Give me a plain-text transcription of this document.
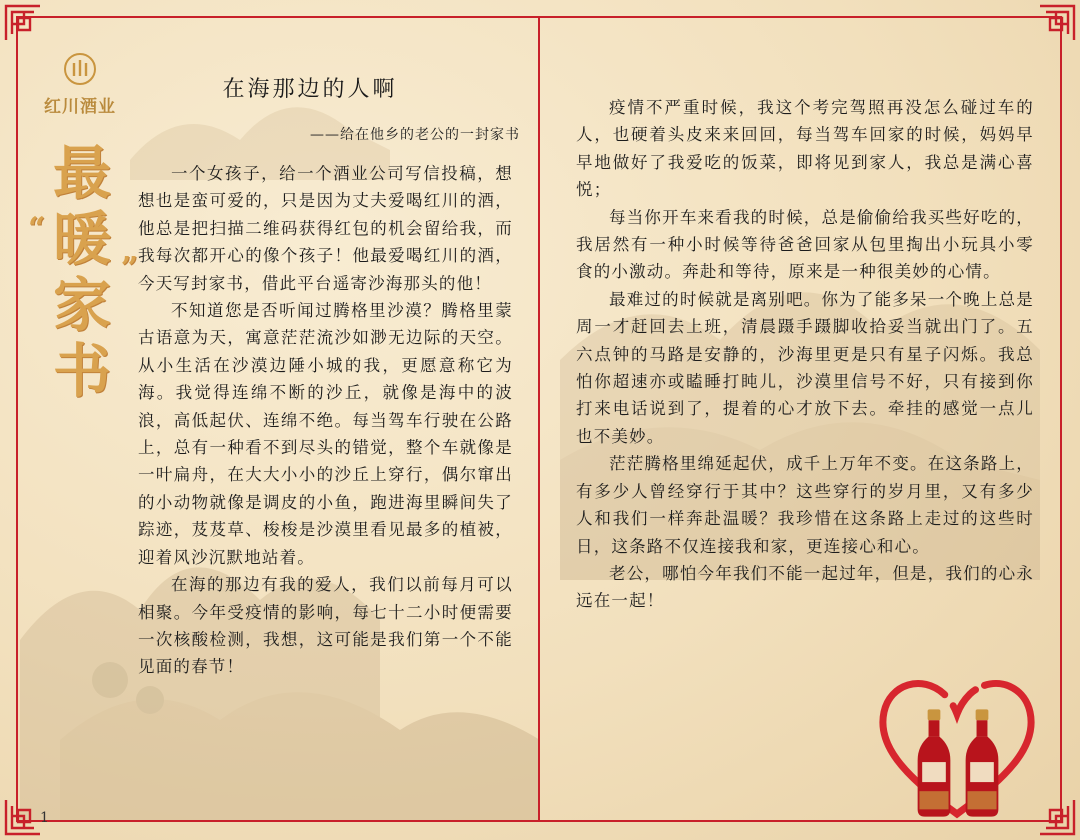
红川酒业
最
“ 暖 ”
家
书
在海那边的人啊
——给在他乡的老公的一封家书

一个女孩子，给一个酒业公司写信投稿，想想也是蛮可爱的，只是因为丈夫爱喝红川的酒，他总是把扫描二维码获得红包的机会留给我，而我每次都开心的像个孩子！他最爱喝红川的酒，今天写封家书，借此平台遥寄沙海那头的他！

不知道您是否听闻过腾格里沙漠？腾格里蒙古语意为天，寓意茫茫流沙如渺无边际的天空。从小生活在沙漠边陲小城的我，更愿意称它为海。我觉得连绵不断的沙丘，就像是海中的波浪，高低起伏、连绵不绝。每当驾车行驶在公路上，总有一种看不到尽头的错觉，整个车就像是一叶扁舟，在大大小小的沙丘上穿行，偶尔窜出的小动物就像是调皮的小鱼，跑进海里瞬间失了踪迹，芨芨草、梭梭是沙漠里看见最多的植被，迎着风沙沉默地站着。

在海的那边有我的爱人，我们以前每月可以相聚。今年受疫情的影响，每七十二小时便需要一次核酸检测，我想，这可能是我们第一个不能见面的春节！

疫情不严重时候，我这个考完驾照再没怎么碰过车的人，也硬着头皮来来回回，每当驾车回家的时候，妈妈早早地做好了我爱吃的饭菜，即将见到家人，我总是满心喜悦；

每当你开车来看我的时候，总是偷偷给我买些好吃的，我居然有一种小时候等待爸爸回家从包里掏出小玩具小零食的小激动。奔赴和等待，原来是一种很美妙的心情。

最难过的时候就是离别吧。你为了能多呆一个晚上总是周一才赶回去上班，清晨蹑手蹑脚收拾妥当就出门了。五六点钟的马路是安静的，沙海里更是只有星子闪烁。我总怕你超速亦或瞌睡打盹儿，沙漠里信号不好，只有接到你打来电话说到了，提着的心才放下去。牵挂的感觉一点儿也不美妙。

茫茫腾格里绵延起伏，成千上万年不变。在这条路上，有多少人曾经穿行于其中？这些穿行的岁月里，又有多少人和我们一样奔赴温暖？我珍惜在这条路上走过的这些时日，这条路不仅连接我和家，更连接心和心。

老公，哪怕今年我们不能一起过年，但是，我们的心永远在一起！

1
